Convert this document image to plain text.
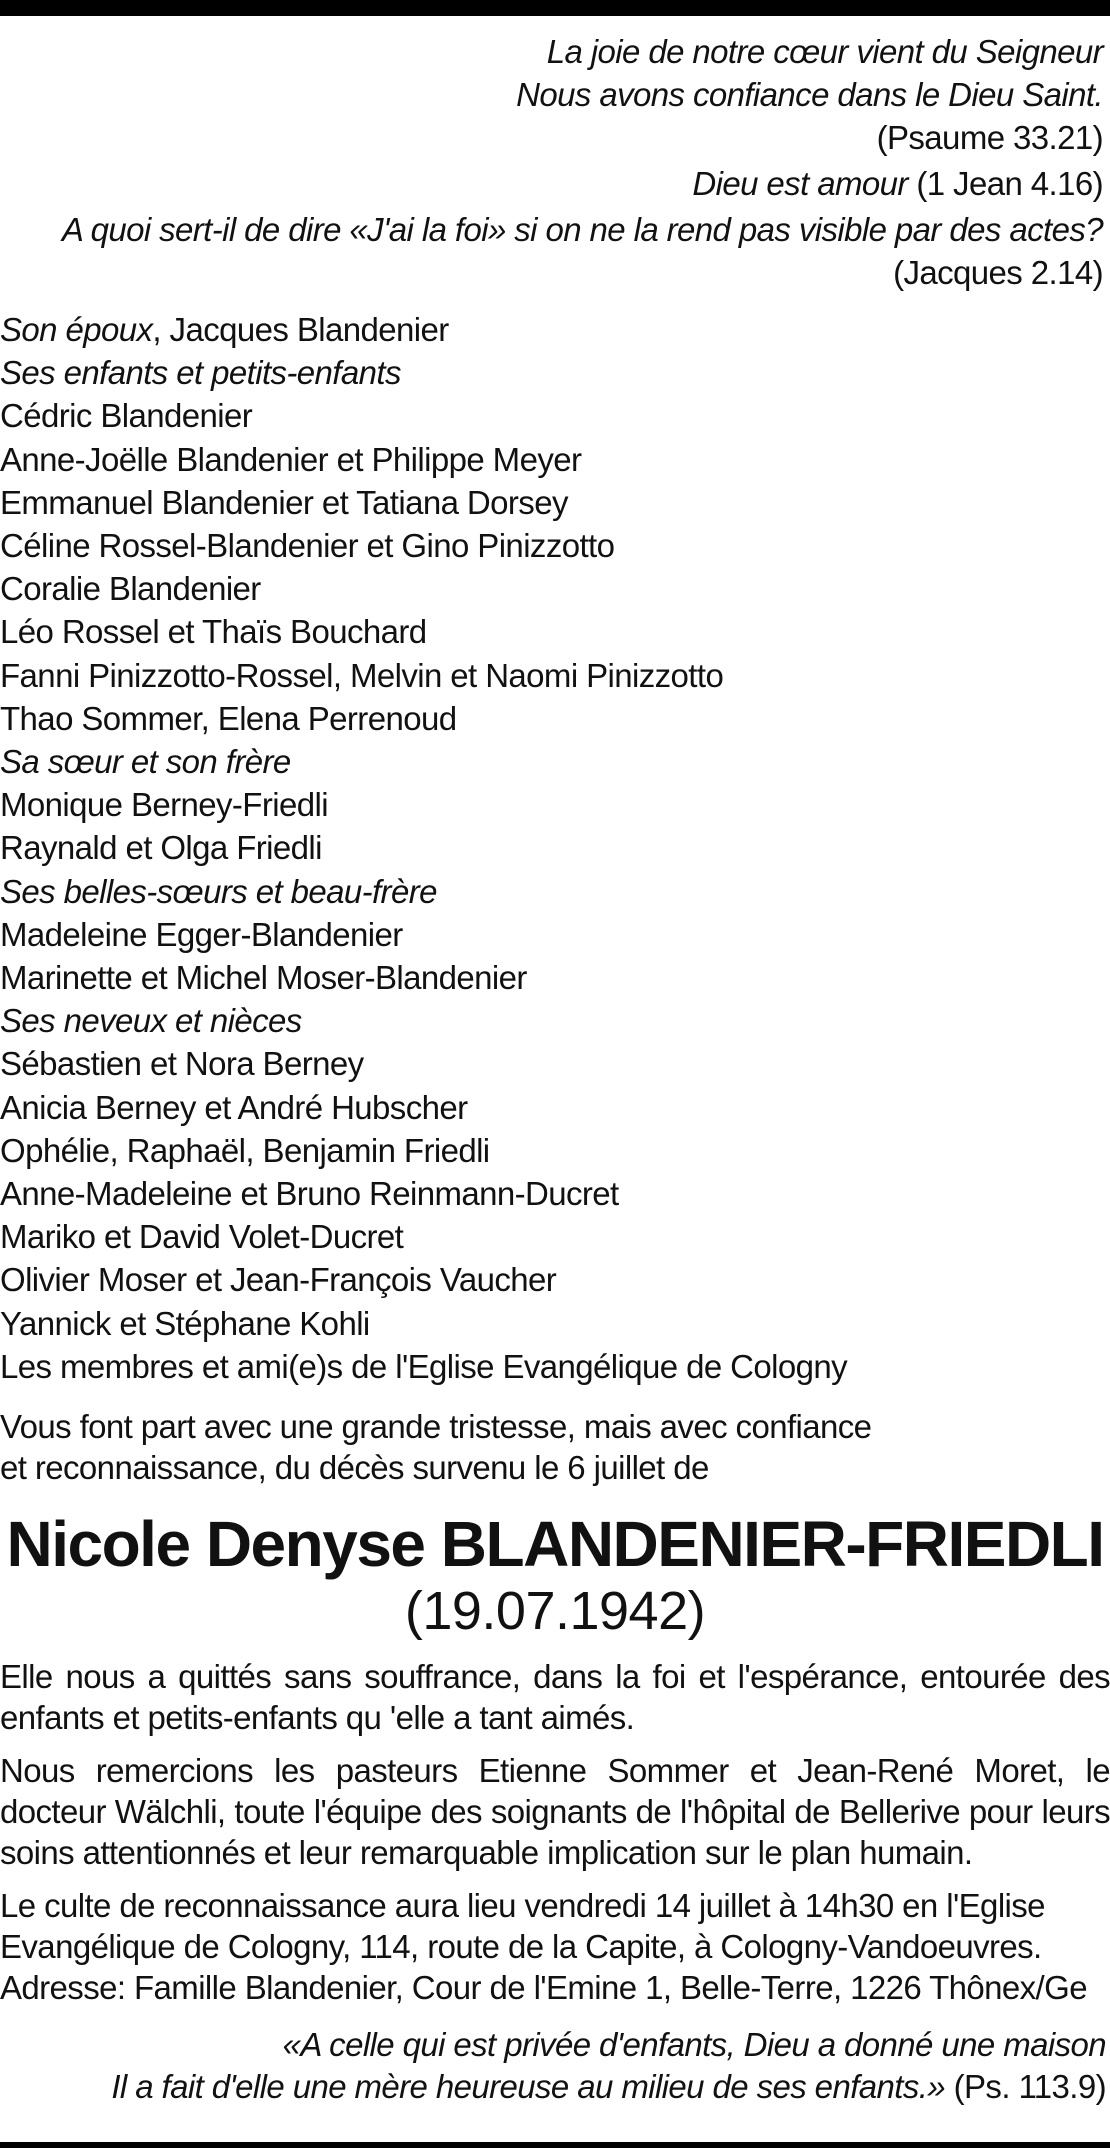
La joie de notre cœur vient du Seigneur
Nous avons confiance dans le Dieu Saint.
(Psaume 33.21)
Dieu est amour (1 Jean 4.16)
A quoi sert-il de dire «J'ai la foi» si on ne la rend pas visible par des actes?
(Jacques 2.14)
Son époux, Jacques Blandenier
Ses enfants et petits-enfants
Cédric Blandenier
Anne-Joëlle Blandenier et Philippe Meyer
Emmanuel Blandenier et Tatiana Dorsey
Céline Rossel-Blandenier et Gino Pinizzotto
Coralie Blandenier
Léo Rossel et Thaïs Bouchard
Fanni Pinizzotto-Rossel, Melvin et Naomi Pinizzotto
Thao Sommer, Elena Perrenoud
Sa sœur et son frère
Monique Berney-Friedli
Raynald et Olga Friedli
Ses belles-sœurs et beau-frère
Madeleine Egger-Blandenier
Marinette et Michel Moser-Blandenier
Ses neveux et nièces
Sébastien et Nora Berney
Anicia Berney et André Hubscher
Ophélie, Raphaël, Benjamin Friedli
Anne-Madeleine et Bruno Reinmann-Ducret
Mariko et David Volet-Ducret
Olivier Moser et Jean-François Vaucher
Yannick et Stéphane Kohli
Les membres et ami(e)s de l'Eglise Evangélique de Cologny

Vous font part avec une grande tristesse, mais avec confiance

et reconnaissance, du décès survenu le 6 juillet de

Nicole Denyse BLANDENIER-FRIEDLI
(19.07.1942)

Elle nous a quittés sans souffrance, dans la foi et l'espérance, entourée des enfants et petits-enfants qu 'elle a tant aimés.

Nous remercions les pasteurs Etienne Sommer et Jean-René Moret, le docteur Wälchli, toute l'équipe des soignants de l'hôpital de Bellerive pour leurs soins attentionnés et leur remarquable implication sur le plan humain.

Le culte de reconnaissance aura lieu vendredi 14 juillet à 14h30 en l'Eglise

Evangélique de Cologny, 114, route de la Capite, à Cologny-Vandoeuvres.

Adresse: Famille Blandenier, Cour de l'Emine 1, Belle-Terre, 1226 Thônex/Ge

«A celle qui est privée d'enfants, Dieu a donné une maison
Il a fait d'elle une mère heureuse au milieu de ses enfants.» (Ps. 113.9)
